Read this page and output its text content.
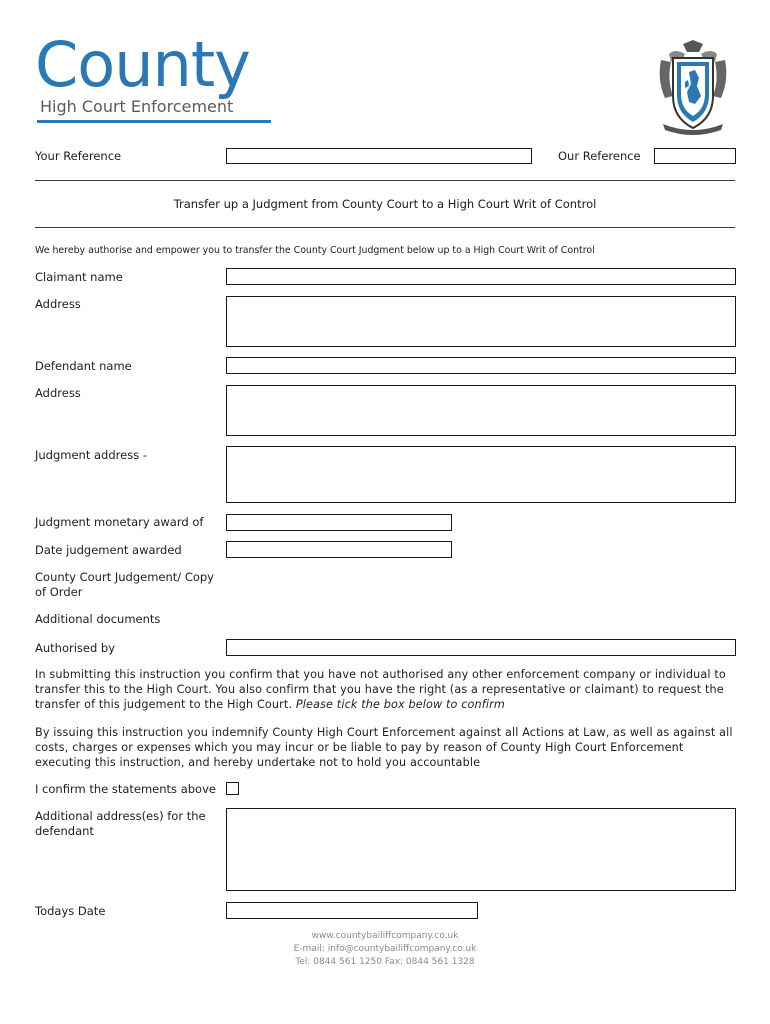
County
High Court Enforcement
Your Reference	Our Reference
Transfer up a Judgment from County Court to a High Court Writ of Control
We hereby authorise and empower you to transfer the County Court Judgment below up to a High Court Writ of Control
Claimant name
Address
Defendant name
Address
Judgment address -
Judgment monetary award of
Date judgement awarded
County Court Judgement/ Copy
of Order
Additional documents
Authorised by
In submitting this instruction you confirm that you have not authorised any other enforcement company or individual to transfer this to the High Court. You also confirm that you have the right (as a representative or claimant) to request the transfer of this judgement to the High Court. Please tick the box below to confirm
By issuing this instruction you indemnify County High Court Enforcement against all Actions at Law, as well as against all costs, charges or expenses which you may incur or be liable to pay by reason of County High Court Enforcement executing this instruction, and hereby undertake not to hold you accountable
I confirm the statements above
Additional address(es) for the
defendant
Todays Date
www.countybailiffcompany.co.uk
E-mail: info@countybailiffcompany.co.uk
Tel: 0844 561 1250 Fax: 0844 561 1328
